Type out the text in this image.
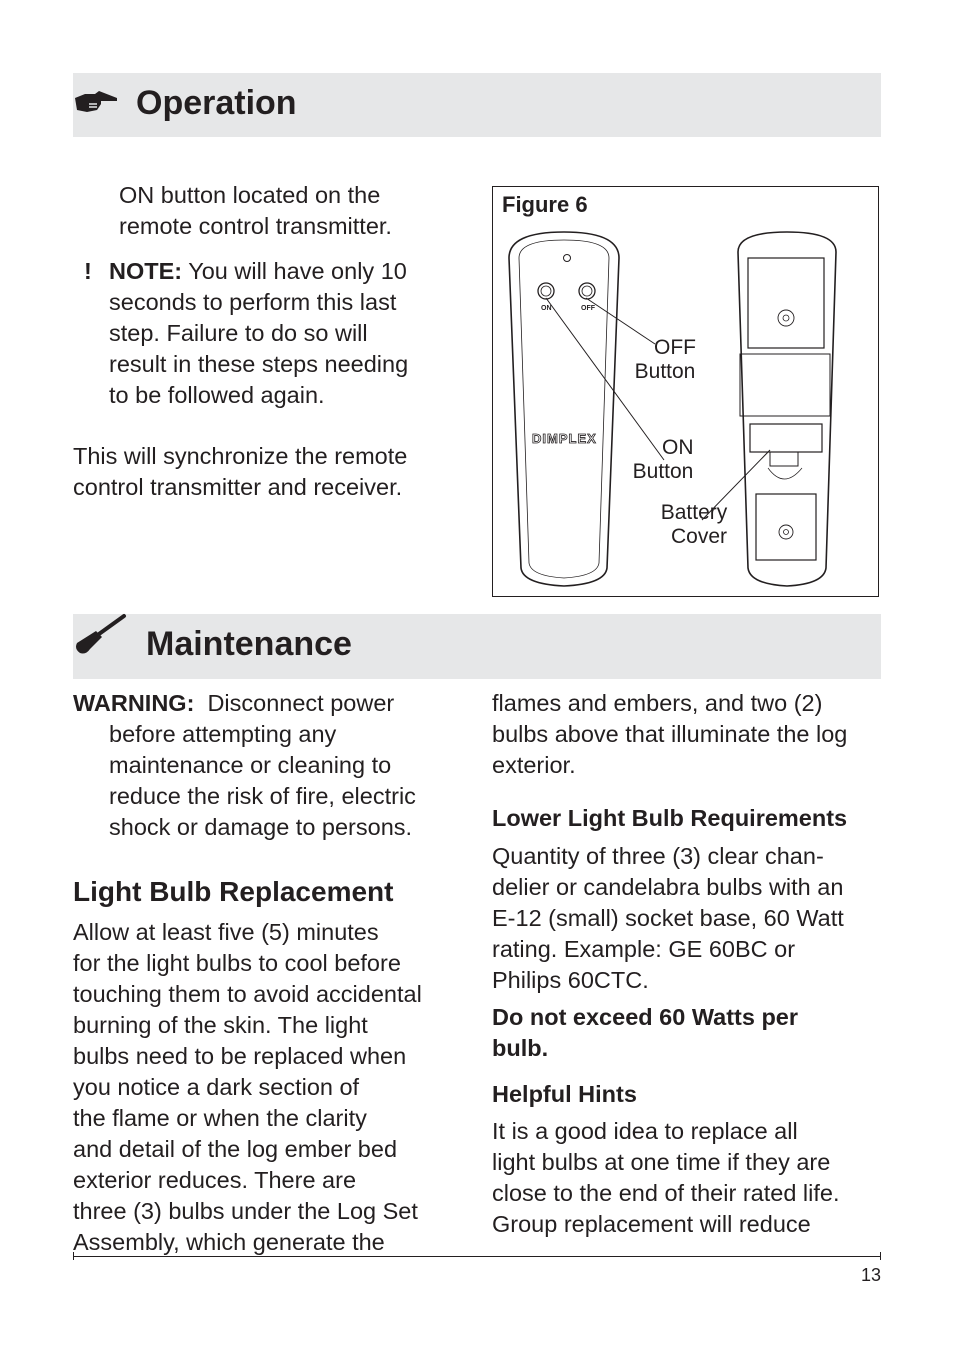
Operation

ON button located on the

remote control transmitter.

! NOTE: You will have only 10

seconds to perform this last

step. Failure to do so will

result in these steps needing

to be followed again.

This will synchronize the remote

control transmitter and receiver.

Figure 6
ON	OFF
DIMPLEX
OFF
Button
ON
Button
Battery
Cover
Maintenance

WARNING:  Disconnect power

before attempting any

maintenance or cleaning to

reduce the risk of fire, electric

shock or damage to persons.

Light Bulb Replacement

Allow at least five (5) minutes

for the light bulbs to cool before

touching them to avoid accidental

burning of the skin. The light

bulbs need to be replaced when

you notice a dark section of

the flame or when the clarity

and detail of the log ember bed

exterior reduces. There are

three (3) bulbs under the Log Set

Assembly, which generate the

flames and embers, and two (2)

bulbs above that illuminate the log

exterior.

Lower Light Bulb Requirements

Quantity of three (3) clear chan-

delier or candelabra bulbs with an

E-12 (small) socket base, 60 Watt

rating. Example: GE 60BC or

Philips 60CTC.

Do not exceed 60 Watts per

bulb.

Helpful Hints

It is a good idea to replace all

light bulbs at one time if they are

close to the end of their rated life.

Group replacement will reduce

13
